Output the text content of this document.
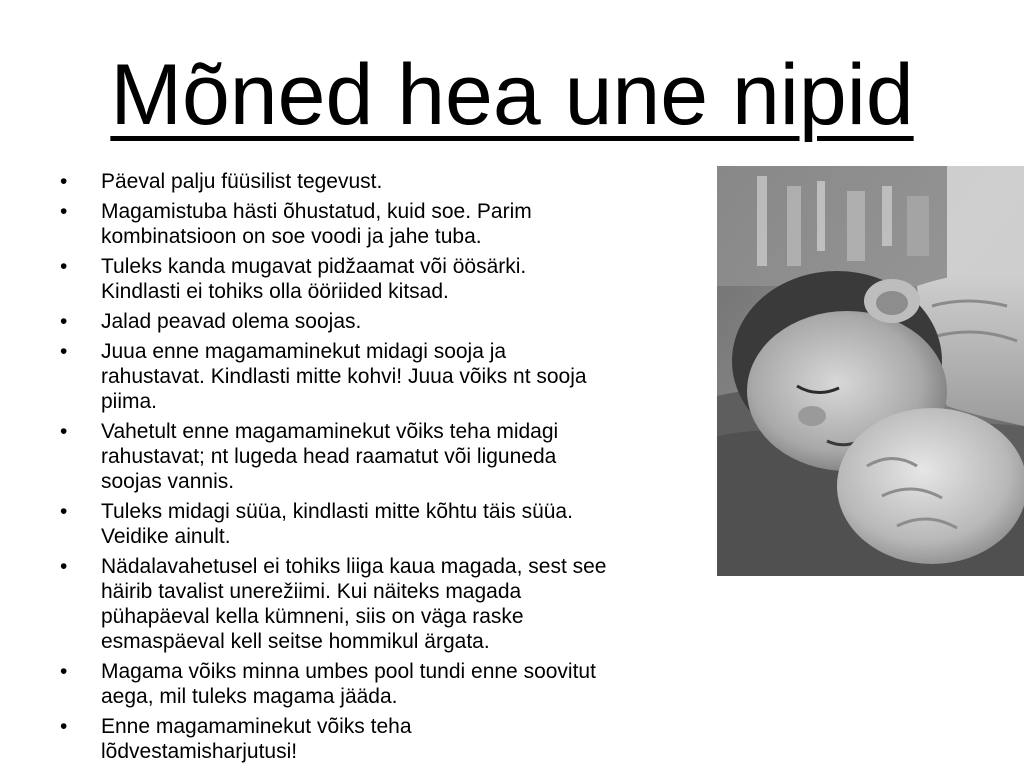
Mõned hea une nipid
• Päeval palju füüsilist tegevust.
• Magamistuba hästi õhustatud, kuid soe. Parim
kombinatsioon on soe voodi ja jahe tuba.
• Tuleks kanda mugavat pidžaamat või öösärki.
Kindlasti ei tohiks olla ööriided kitsad.
• Jalad peavad olema soojas.
• Juua enne magamaminekut midagi sooja ja
rahustavat. Kindlasti mitte kohvi! Juua võiks nt sooja
piima.
• Vahetult enne magamaminekut võiks teha midagi
rahustavat; nt lugeda head raamatut või liguneda
soojas vannis.
• Tuleks midagi süüa, kindlasti mitte kõhtu täis süüa.
Veidike ainult.
• Nädalavahetusel ei tohiks liiga kaua magada, sest see
häirib tavalist unerežiimi. Kui näiteks magada
pühapäeval kella kümneni, siis on väga raske
esmaspäeval kell seitse hommikul ärgata.
• Magama võiks minna umbes pool tundi enne soovitut
aega, mil tuleks magama jääda.
• Enne magamaminekut võiks teha
lõdvestamisharjutusi!
